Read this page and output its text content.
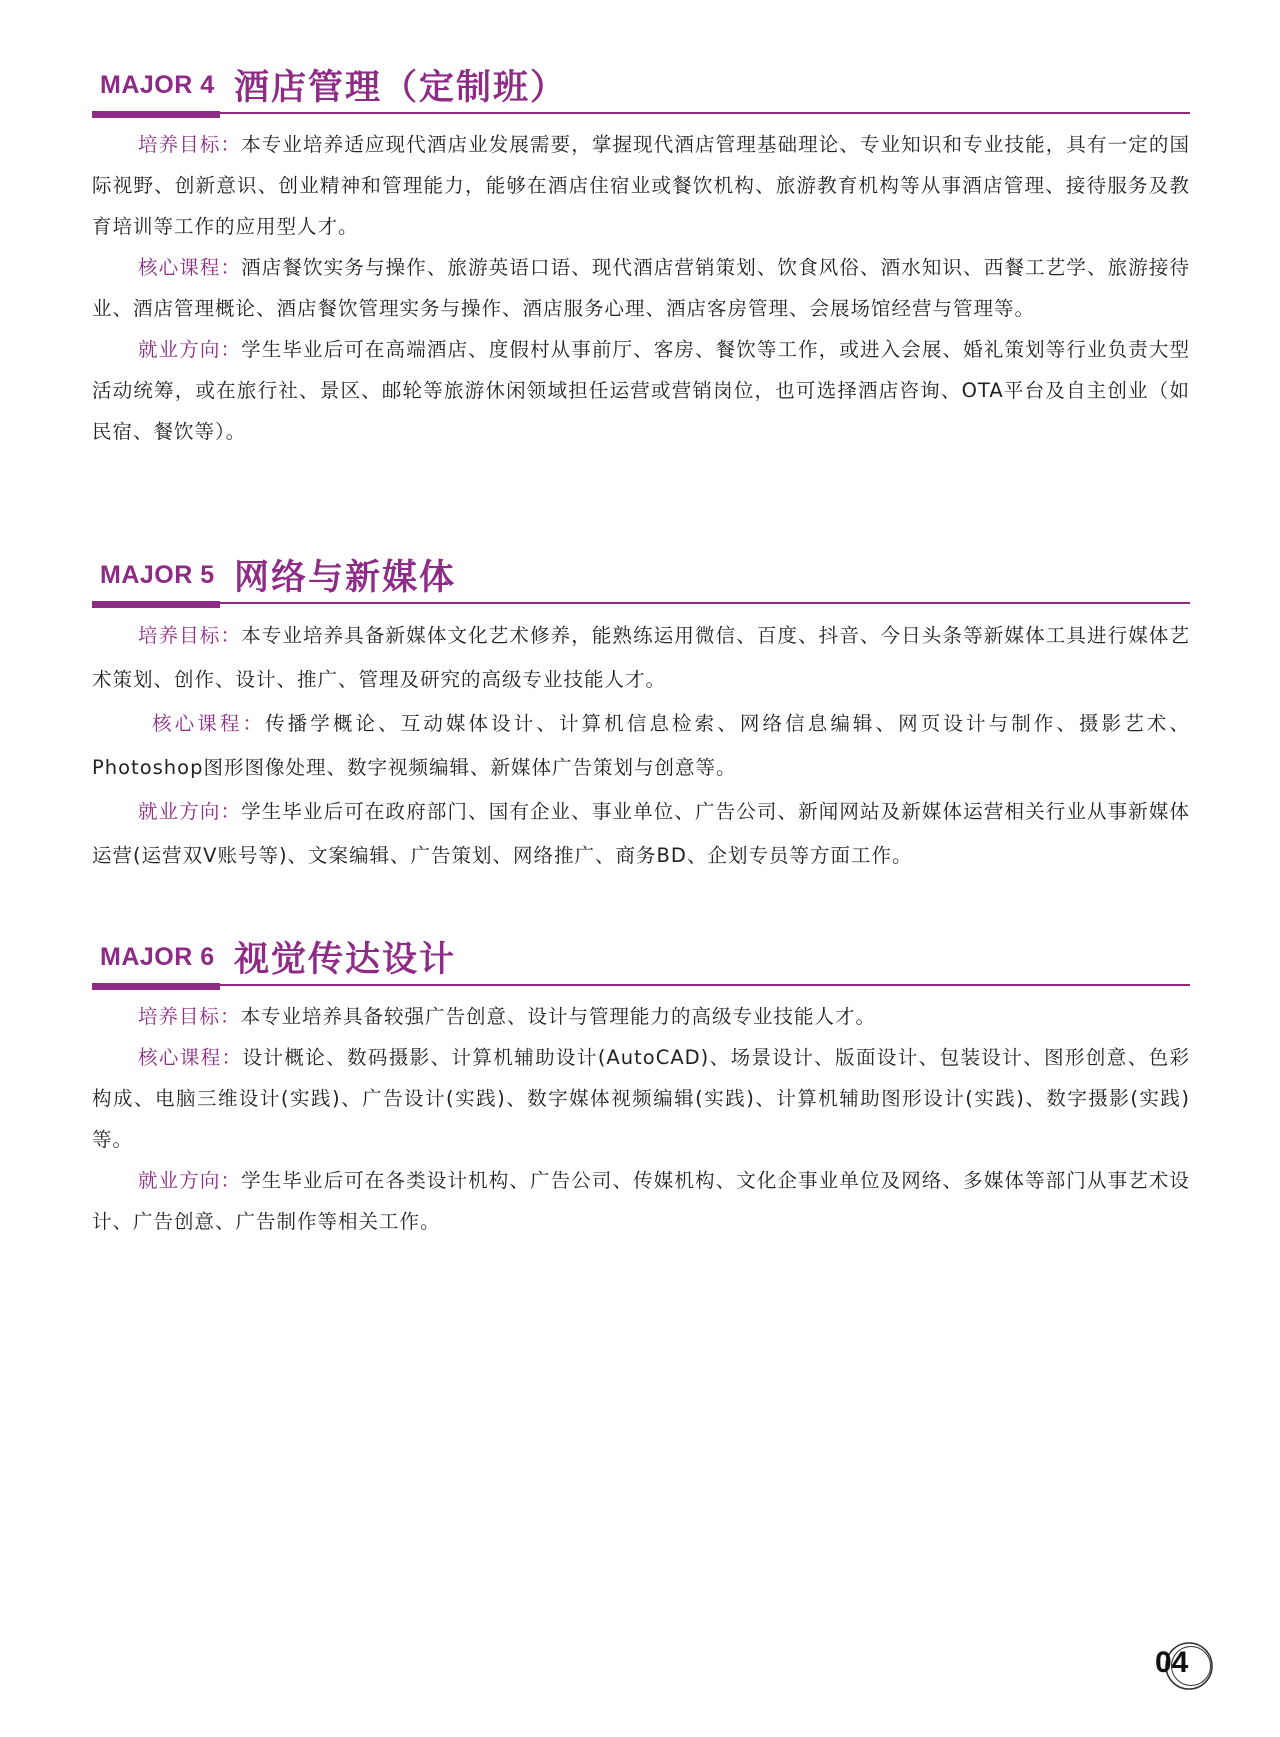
MAJOR 4 酒店管理（定制班）

培养目标：本专业培养适应现代酒店业发展需要，掌握现代酒店管理基础理论、专业知识和专业技能，具有一定的国际视野、创新意识、创业精神和管理能力，能够在酒店住宿业或餐饮机构、旅游教育机构等从事酒店管理、接待服务及教育培训等工作的应用型人才。

核心课程：酒店餐饮实务与操作、旅游英语口语、现代酒店营销策划、饮食风俗、酒水知识、西餐工艺学、旅游接待业、酒店管理概论、酒店餐饮管理实务与操作、酒店服务心理、酒店客房管理、会展场馆经营与管理等。

就业方向：学生毕业后可在高端酒店、度假村从事前厅、客房、餐饮等工作，或进入会展、婚礼策划等行业负责大型活动统筹，或在旅行社、景区、邮轮等旅游休闲领域担任运营或营销岗位，也可选择酒店咨询、OTA平台及自主创业（如民宿、餐饮等）。

MAJOR 5 网络与新媒体

培养目标：本专业培养具备新媒体文化艺术修养，能熟练运用微信、百度、抖音、今日头条等新媒体工具进行媒体艺术策划、创作、设计、推广、管理及研究的高级专业技能人才。

核心课程：传播学概论、互动媒体设计、计算机信息检索、网络信息编辑、网页设计与制作、摄影艺术、Photoshop图形图像处理、数字视频编辑、新媒体广告策划与创意等。

就业方向：学生毕业后可在政府部门、国有企业、事业单位、广告公司、新闻网站及新媒体运营相关行业从事新媒体运营(运营双V账号等)、文案编辑、广告策划、网络推广、商务BD、企划专员等方面工作。

MAJOR 6 视觉传达设计

培养目标：本专业培养具备较强广告创意、设计与管理能力的高级专业技能人才。

核心课程：设计概论、数码摄影、计算机辅助设计(AutoCAD)、场景设计、版面设计、包装设计、图形创意、色彩构成、电脑三维设计(实践)、广告设计(实践)、数字媒体视频编辑(实践)、计算机辅助图形设计(实践)、数字摄影(实践)等。

就业方向：学生毕业后可在各类设计机构、广告公司、传媒机构、文化企事业单位及网络、多媒体等部门从事艺术设计、广告创意、广告制作等相关工作。

04
